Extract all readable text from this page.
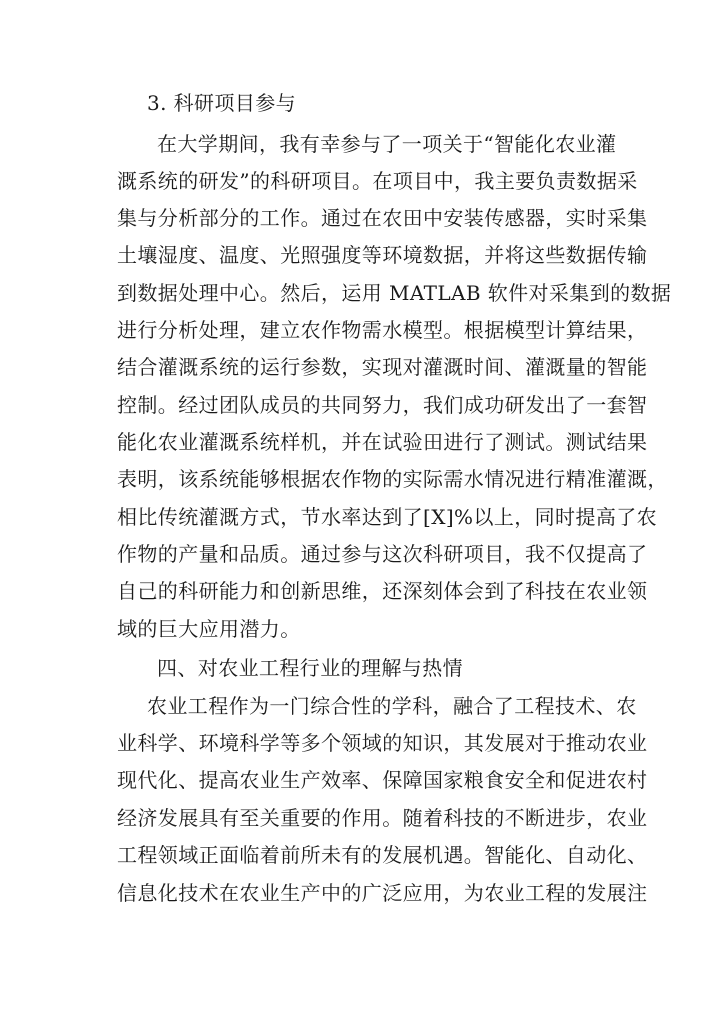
3. 科研项目参与
在大学期间，我有幸参与了一项关于“智能化农业灌
溉系统的研发”的科研项目。在项目中，我主要负责数据采
集与分析部分的工作。通过在农田中安装传感器，实时采集
土壤湿度、温度、光照强度等环境数据，并将这些数据传输
到数据处理中心。然后，运用 MATLAB 软件对采集到的数据
进行分析处理，建立农作物需水模型。根据模型计算结果，
结合灌溉系统的运行参数，实现对灌溉时间、灌溉量的智能
控制。经过团队成员的共同努力，我们成功研发出了一套智
能化农业灌溉系统样机，并在试验田进行了测试。测试结果
表明，该系统能够根据农作物的实际需水情况进行精准灌溉，
相比传统灌溉方式，节水率达到了[X]%以上，同时提高了农
作物的产量和品质。通过参与这次科研项目，我不仅提高了
自己的科研能力和创新思维，还深刻体会到了科技在农业领
域的巨大应用潜力。
四、对农业工程行业的理解与热情
农业工程作为一门综合性的学科，融合了工程技术、农
业科学、环境科学等多个领域的知识，其发展对于推动农业
现代化、提高农业生产效率、保障国家粮食安全和促进农村
经济发展具有至关重要的作用。随着科技的不断进步，农业
工程领域正面临着前所未有的发展机遇。智能化、自动化、
信息化技术在农业生产中的广泛应用，为农业工程的发展注
